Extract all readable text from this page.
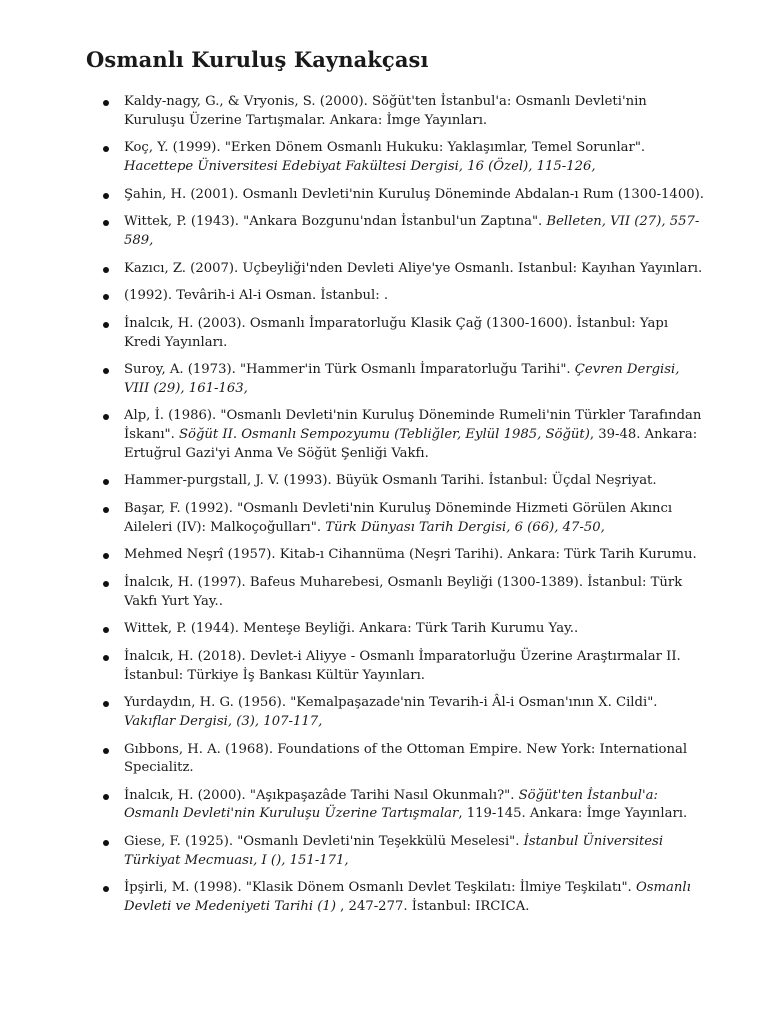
Osmanlı Kuruluş Kaynakçası
Kaldy-nagy, G., & Vryonis, S. (2000). Söğüt'ten İstanbul'a: Osmanlı Devleti'nin Kuruluşu Üzerine Tartışmalar. Ankara: İmge Yayınları.
Koç, Y. (1999). "Erken Dönem Osmanlı Hukuku: Yaklaşımlar, Temel Sorunlar". Hacettepe Üniversitesi Edebiyat Fakültesi Dergisi, 16 (Özel), 115-126,
Şahin, H. (2001). Osmanlı Devleti'nin Kuruluş Döneminde Abdalan-ı Rum (1300-1400).
Wittek, P. (1943). "Ankara Bozgunu'ndan İstanbul'un Zaptına". Belleten, VII (27), 557-589,
Kazıcı, Z. (2007). Uçbeyliği'nden Devleti Aliye'ye Osmanlı. Istanbul: Kayıhan Yayınları.
(1992). Tevârih-i Al-i Osman. İstanbul: .
İnalcık, H. (2003). Osmanlı İmparatorluğu Klasik Çağ (1300-1600). İstanbul: Yapı Kredi Yayınları.
Suroy, A. (1973). "Hammer'in Türk Osmanlı İmparatorluğu Tarihi". Çevren Dergisi, VIII (29), 161-163,
Alp, İ. (1986). "Osmanlı Devleti'nin Kuruluş Döneminde Rumeli'nin Türkler Tarafından İskanı". Söğüt II. Osmanlı Sempozyumu (Tebliğler, Eylül 1985, Söğüt), 39-48. Ankara: Ertuğrul Gazi'yi Anma Ve Söğüt Şenliği Vakfı.
Hammer-purgstall, J. V. (1993). Büyük Osmanlı Tarihi. İstanbul: Üçdal Neşriyat.
Başar, F. (1992). "Osmanlı Devleti'nin Kuruluş Döneminde Hizmeti Görülen Akıncı Aileleri (IV): Malkoçoğulları". Türk Dünyası Tarih Dergisi, 6 (66), 47-50,
Mehmed Neşrî (1957). Kitab-ı Cihannüma (Neşri Tarihi). Ankara: Türk Tarih Kurumu.
İnalcık, H. (1997). Bafeus Muharebesi, Osmanlı Beyliği (1300-1389). İstanbul: Türk Vakfı Yurt Yay..
Wittek, P. (1944). Menteşe Beyliği. Ankara: Türk Tarih Kurumu Yay..
İnalcık, H. (2018). Devlet-i Aliyye - Osmanlı İmparatorluğu Üzerine Araştırmalar II. İstanbul: Türkiye İş Bankası Kültür Yayınları.
Yurdaydın, H. G. (1956). "Kemalpaşazade'nin Tevarih-i Âl-i Osman'ının X. Cildi". Vakıflar Dergisi, (3), 107-117,
Gıbbons, H. A. (1968). Foundations of the Ottoman Empire. New York: International Specialitz.
İnalcık, H. (2000). "Aşıkpaşazâde Tarihi Nasıl Okunmalı?". Söğüt'ten İstanbul'a: Osmanlı Devleti'nin Kuruluşu Üzerine Tartışmalar, 119-145. Ankara: İmge Yayınları.
Giese, F. (1925). "Osmanlı Devleti'nin Teşekkülü Meselesi". İstanbul Üniversitesi Türkiyat Mecmuası, I (), 151-171,
İpşirli, M. (1998). "Klasik Dönem Osmanlı Devlet Teşkilatı: İlmiye Teşkilatı". Osmanlı Devleti ve Medeniyeti Tarihi (1) , 247-277. İstanbul: IRCICA.
